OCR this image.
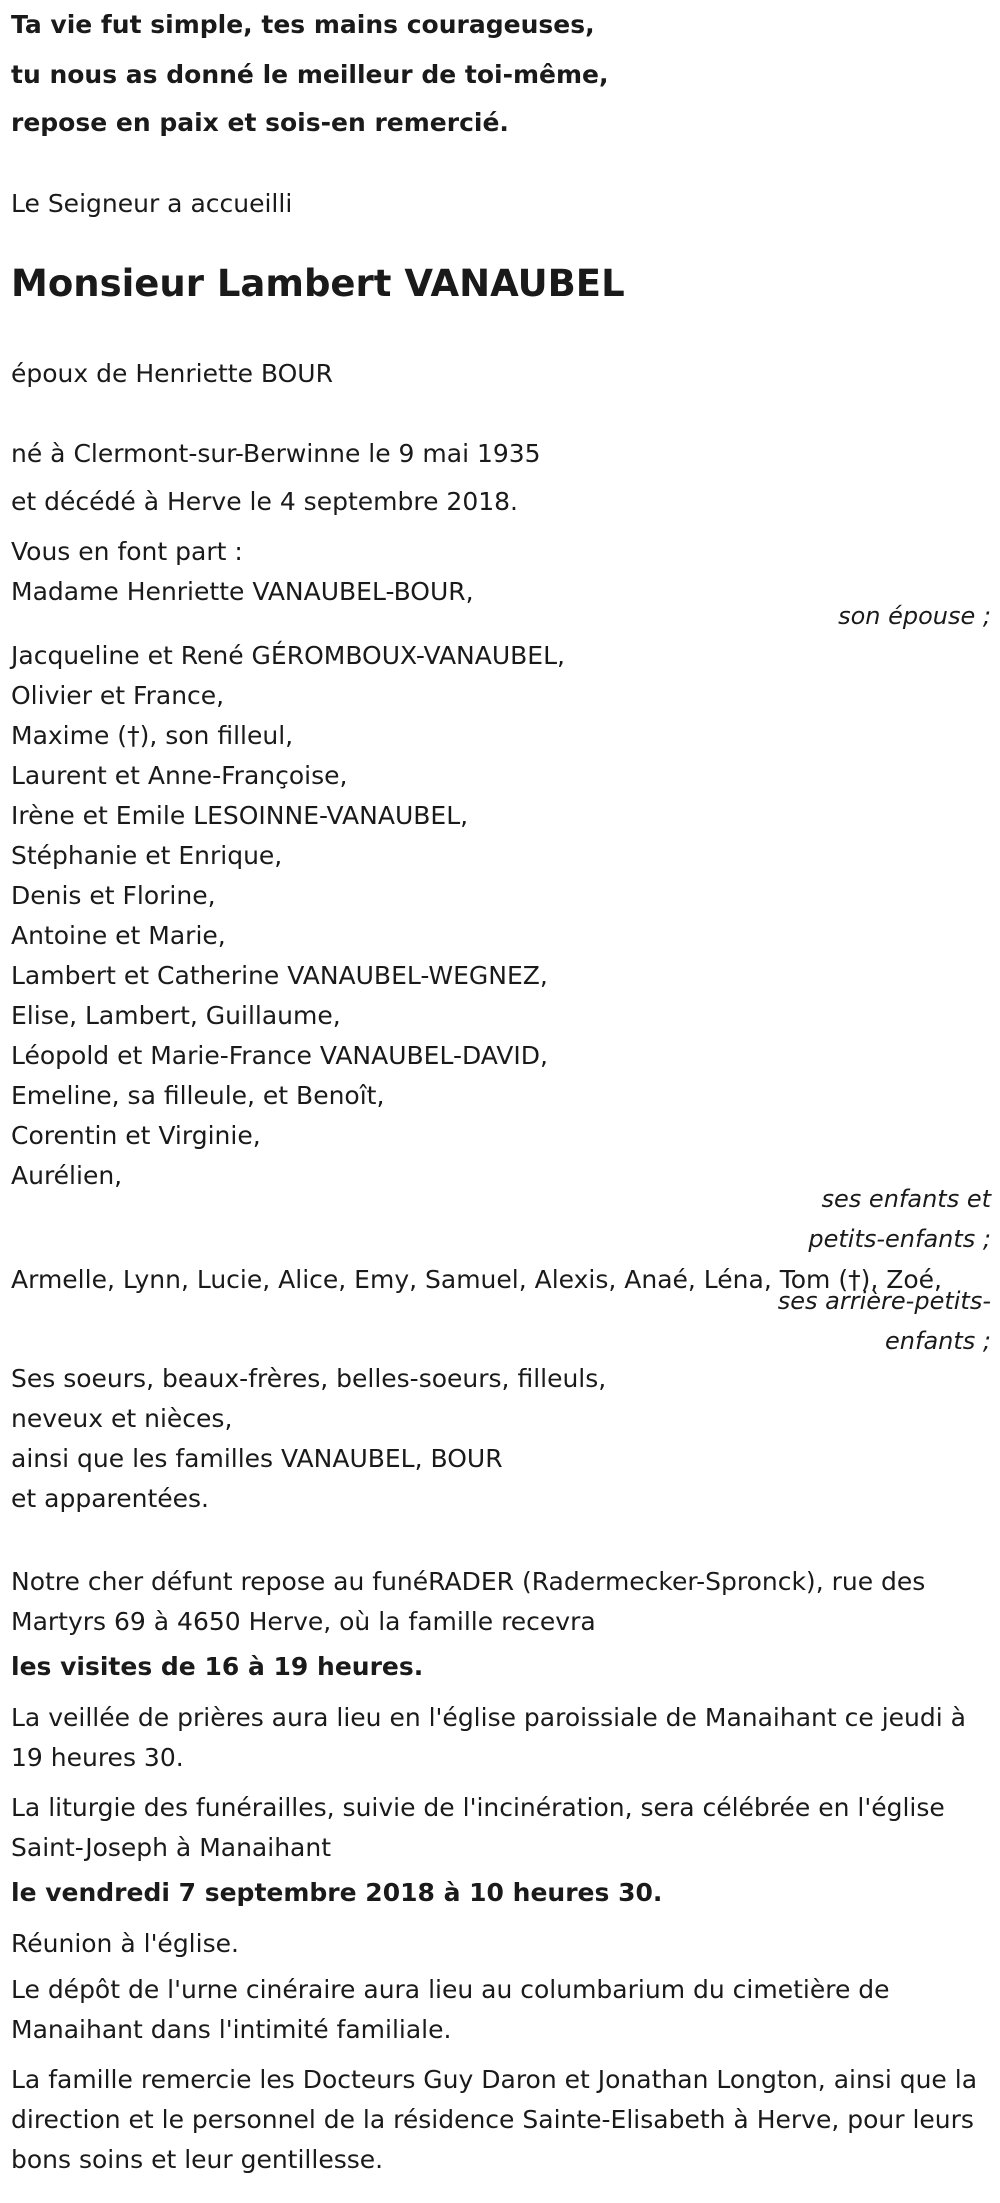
Ta vie fut simple, tes mains courageuses,
tu nous as donné le meilleur de toi-même,
repose en paix et sois-en remercié.
Le Seigneur a accueilli
Monsieur Lambert VANAUBEL
époux de Henriette BOUR
né à Clermont-sur-Berwinne le 9 mai 1935
et décédé à Herve le 4 septembre 2018.
Vous en font part :
Madame Henriette VANAUBEL-BOUR,
son épouse ;
Jacqueline et René GÉROMBOUX-VANAUBEL,
Olivier et France,
Maxime (†), son filleul,
Laurent et Anne-Françoise,
Irène et Emile LESOINNE-VANAUBEL,
Stéphanie et Enrique,
Denis et Florine,
Antoine et Marie,
Lambert et Catherine VANAUBEL-WEGNEZ,
Elise, Lambert, Guillaume,
Léopold et Marie-France VANAUBEL-DAVID,
Emeline, sa filleule, et Benoît,
Corentin et Virginie,
Aurélien,
ses enfants et
petits-enfants ;
Armelle, Lynn, Lucie, Alice, Emy, Samuel, Alexis, Anaé, Léna, Tom (†), Zoé,
ses arrière-petits-
enfants ;
Ses soeurs, beaux-frères, belles-soeurs, filleuls,
neveux et nièces,
ainsi que les familles VANAUBEL, BOUR
et apparentées.
Notre cher défunt repose au funéRADER (Radermecker-Spronck), rue des Martyrs 69 à 4650 Herve, où la famille recevra
les visites de 16 à 19 heures.
La veillée de prières aura lieu en l'église paroissiale de Manaihant ce jeudi à 19 heures 30.
La liturgie des funérailles, suivie de l'incinération, sera célébrée en l'église Saint-Joseph à Manaihant
le vendredi 7 septembre 2018 à 10 heures 30.
Réunion à l'église.
Le dépôt de l'urne cinéraire aura lieu au columbarium du cimetière de Manaihant dans l'intimité familiale.
La famille remercie les Docteurs Guy Daron et Jonathan Longton, ainsi que la direction et le personnel de la résidence Sainte-Elisabeth à Herve, pour leurs bons soins et leur gentillesse.
